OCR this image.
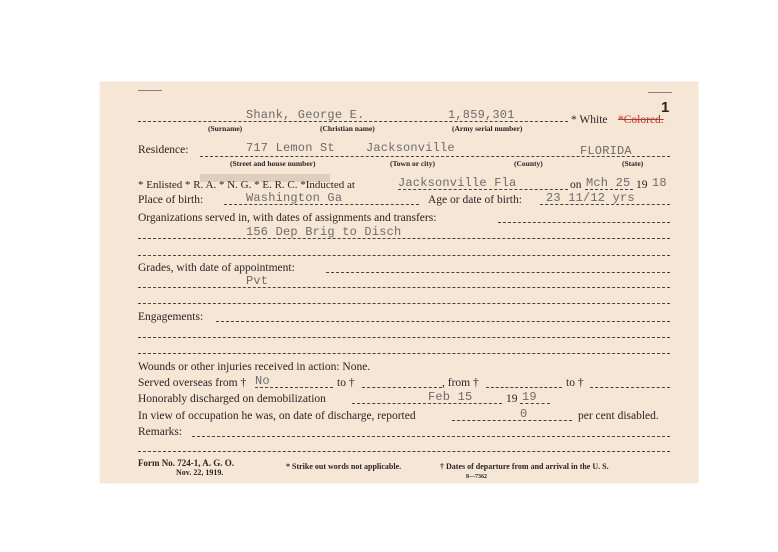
1
Shank, George E.	1,859,301	* White *Colored.
(Surname)	(Christian name)	(Army serial number)
Residence:	717 Lemon St	Jacksonville	FLORIDA
(Street and house number)	(Town or city)	(County)	(State)
* Enlisted * R. A. * N. G. * E. R. C. *Inducted at	Jacksonville Fla	on Mch 25 19 18
Place of birth:	Washington Ga	Age or date of birth: 23 11/12 yrs
Organizations served in, with dates of assignments and transfers:
156 Dep Brig to Disch
Grades, with date of appointment:
Pvt
Engagements:
Wounds or other injuries received in action: None.
Served overseas from † No	to †	, from †	to †
Honorably discharged on demobilization	Feb 15	19 19
In view of occupation he was, on date of discharge, reported	0	per cent disabled.
Remarks:
Form No. 724-1, A. G. O.
Nov. 22, 1919.
* Strike out words not applicable.	† Dates of departure from and arrival in the U. S.
8—7362
